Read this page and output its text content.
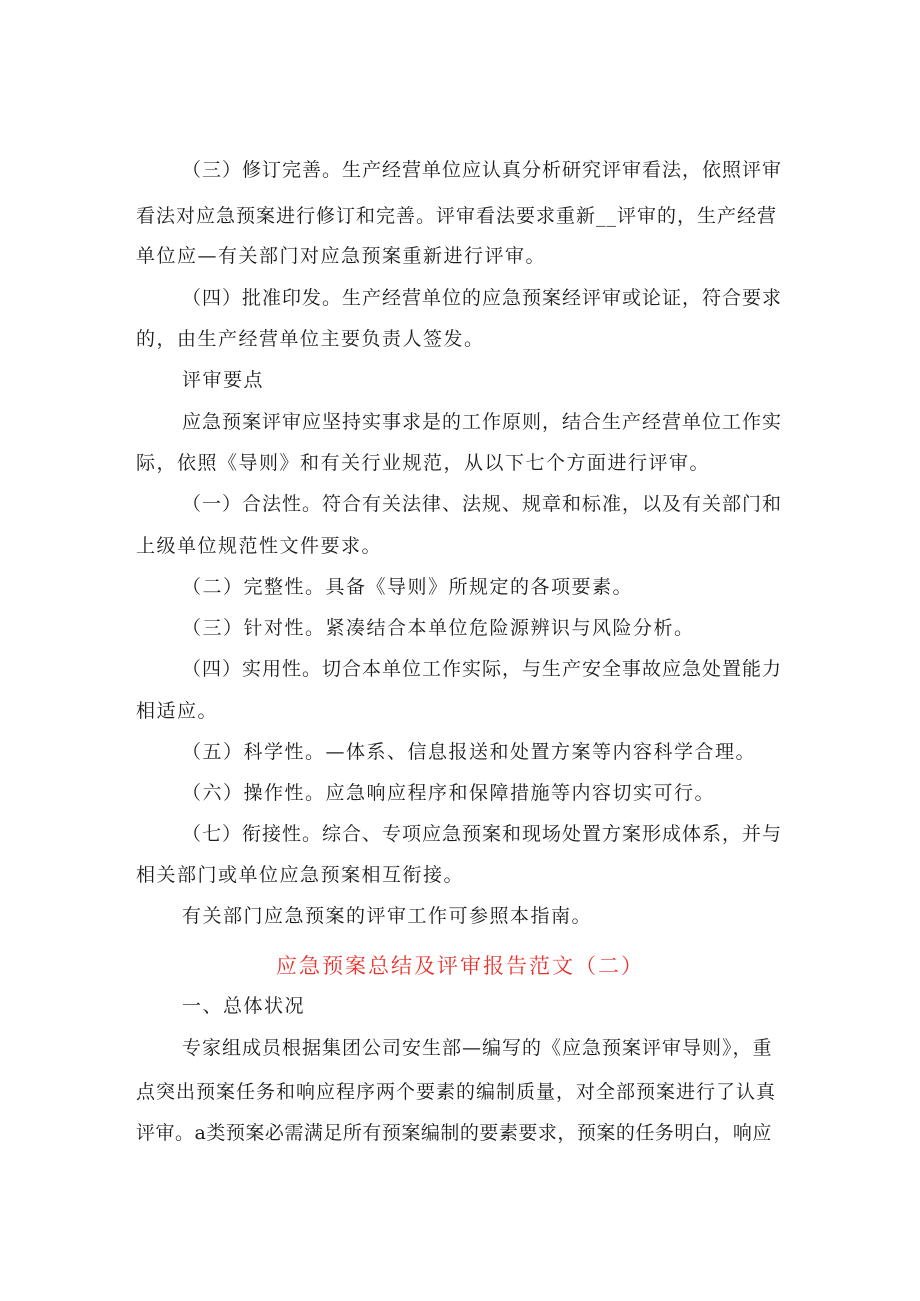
（三）修订完善。生产经营单位应认真分析研究评审看法，依照评审
看法对应急预案进行修订和完善。评审看法要求重新__评审的，生产经营
单位应—有关部门对应急预案重新进行评审。
（四）批准印发。生产经营单位的应急预案经评审或论证，符合要求
的，由生产经营单位主要负责人签发。
评审要点
应急预案评审应坚持实事求是的工作原则，结合生产经营单位工作实
际，依照《导则》和有关行业规范，从以下七个方面进行评审。
（一）合法性。符合有关法律、法规、规章和标准，以及有关部门和
上级单位规范性文件要求。
（二）完整性。具备《导则》所规定的各项要素。
（三）针对性。紧凑结合本单位危险源辨识与风险分析。
（四）实用性。切合本单位工作实际，与生产安全事故应急处置能力
相适应。
（五）科学性。—体系、信息报送和处置方案等内容科学合理。
（六）操作性。应急响应程序和保障措施等内容切实可行。
（七）衔接性。综合、专项应急预案和现场处置方案形成体系，并与
相关部门或单位应急预案相互衔接。
有关部门应急预案的评审工作可参照本指南。
应急预案总结及评审报告范文（二）
一、总体状况
专家组成员根据集团公司安生部—编写的《应急预案评审导则》，重
点突出预案任务和响应程序两个要素的编制质量，对全部预案进行了认真
评审。a类预案必需满足所有预案编制的要素要求，预案的任务明白，响应
